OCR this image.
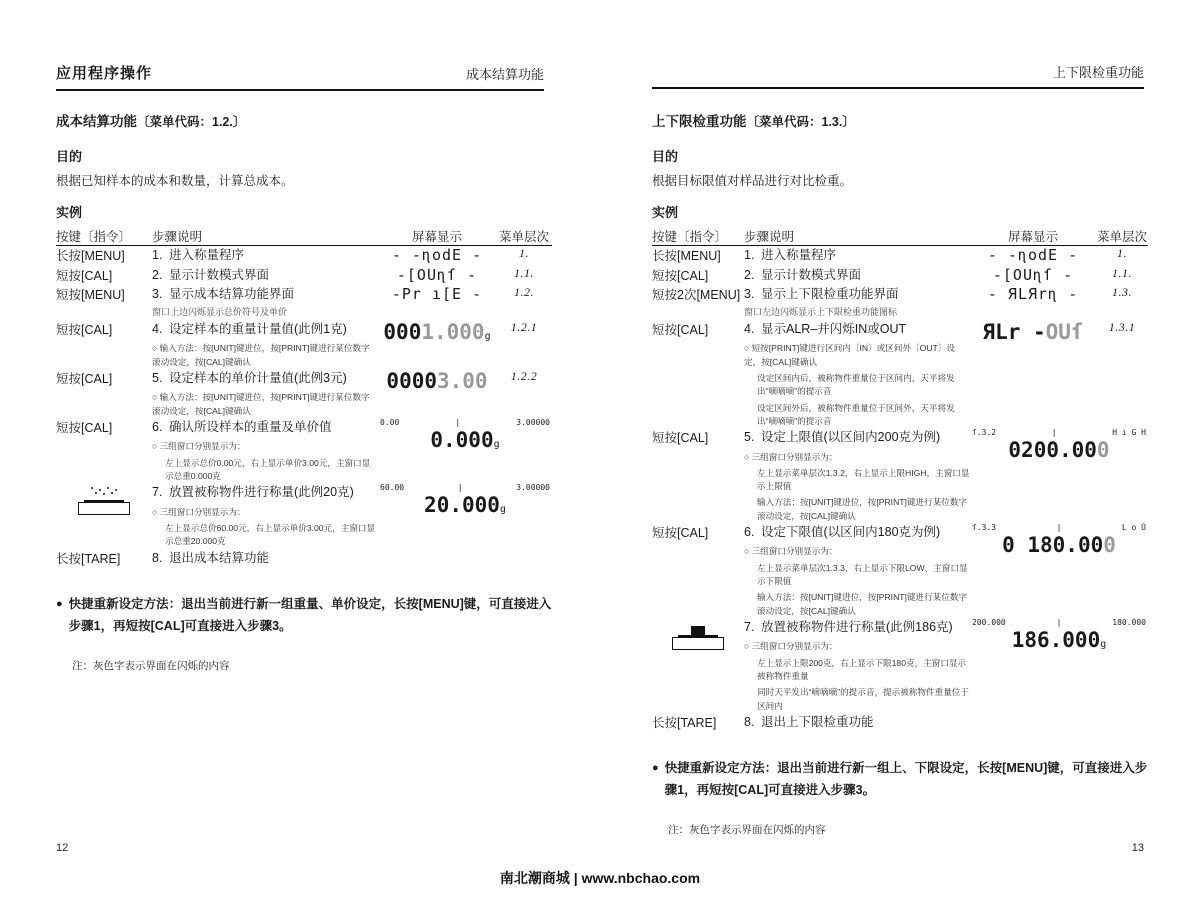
应用程序操作	成本结算功能
成本结算功能〔菜单代码：1.2.〕
目的
根据已知样本的成本和数量，计算总成本。
实例
按键〔指令〕	步骤说明	屏幕显示	菜单层次

长按[MENU]	1. 进入称量程序	- -ɳodE -	1.

短按[CAL]	2. 显示计数模式界面	-[OUɳſ -	1.1.

短按[MENU]	3. 显示成本结算功能界面
窗口上边闪烁显示总价符号及单价	-Pr ı[E -	1.2.

短按[CAL]	4. 设定样本的重量计量值(此例1克)
○ 输入方法：按[UNIT]键进位，按[PRINT]键进行某位数字滚动设定，按[CAL]键确认	0001.000g	1.2.1

短按[CAL]	5. 设定样本的单价计量值(此例3元)
○ 输入方法：按[UNIT]键进位，按[PRINT]键进行某位数字滚动设定，按[CAL]键确认	00003.00	1.2.2

短按[CAL]	6. 确认所设样本的重量及单价值
○ 三组窗口分别显示为：
左上显示总价0.00元，右上显示单价3.00元，主窗口显示总重0.000克

0.00	|	3.00000
0.000g

7. 放置被称物件进行称量(此例20克)
○ 三组窗口分别显示为：
左上显示总价60.00元，右上显示单价3.00元，主窗口显示总重20.000克

60.00	|	3.00000
20.000g

长按[TARE]	8. 退出成本结算功能		

● 快捷重新设定方法：退出当前进行新一组重量、单价设定，长按[MENU]键，可直接进入步骤1，再短按[CAL]可直接进入步骤3。
注：灰色字表示界面在闪烁的内容
12
上下限检重功能
上下限检重功能〔菜单代码：1.3.〕
目的
根据目标限值对样品进行对比检重。
实例
按键〔指令〕	步骤说明	屏幕显示	菜单层次

长按[MENU]	1. 进入称量程序	- -ɳodE -	1.

短按[CAL]	2. 显示计数模式界面	-[OUɳſ -	1.1.

短按2次[MENU]	3. 显示上下限检重功能界面
窗口左边闪烁显示上下限检重功能图标	- ЯLЯrɳ -	1.3.

短按[CAL]	4. 显示ALR–并闪烁IN或OUT
○ 短按[PRINT]键进行区间内〔IN〕或区间外〔OUT〕设定，按[CAL]键确认
设定区间内后，被称物件重量位于区间内，天平将发出“嘀嘀嘀”的提示音
设定区间外后，被称物件重量位于区间外，天平将发出“嘀嘀嘀”的提示音	ЯLr -OUſ	1.3.1

短按[CAL]	5. 设定上限值(以区间内200克为例)
○ 三组窗口分别显示为：
左上显示菜单层次1.3.2，右上显示上限HIGH，主窗口显示上限值
输入方法：按[UNIT]键进位，按[PRINT]键进行某位数字滚动设定，按[CAL]键确认

ſ.3.2	|	H ı G H
0200.000

短按[CAL]	6. 设定下限值(以区间内180克为例)
○ 三组窗口分别显示为：
左上显示菜单层次1.3.3，右上显示下限LOW，主窗口显示下限值
输入方法：按[UNIT]键进位，按[PRINT]键进行某位数字滚动设定，按[CAL]键确认

ſ.3.3	|	L o Ǔ
0 180.000

7. 放置被称物件进行称量(此例186克)
○ 三组窗口分别显示为：
左上显示上限200克，右上显示下限180克，主窗口显示被称物件重量
同时天平发出“嘀嘀嘀”的提示音，提示被称物件重量位于区间内

200.000	|	180.000
186.000g

长按[TARE]	8. 退出上下限检重功能		

● 快捷重新设定方法：退出当前进行新一组上、下限设定，长按[MENU]键，可直接进入步骤1，再短按[CAL]可直接进入步骤3。
注：灰色字表示界面在闪烁的内容
13
南北潮商城 | www.nbchao.com
